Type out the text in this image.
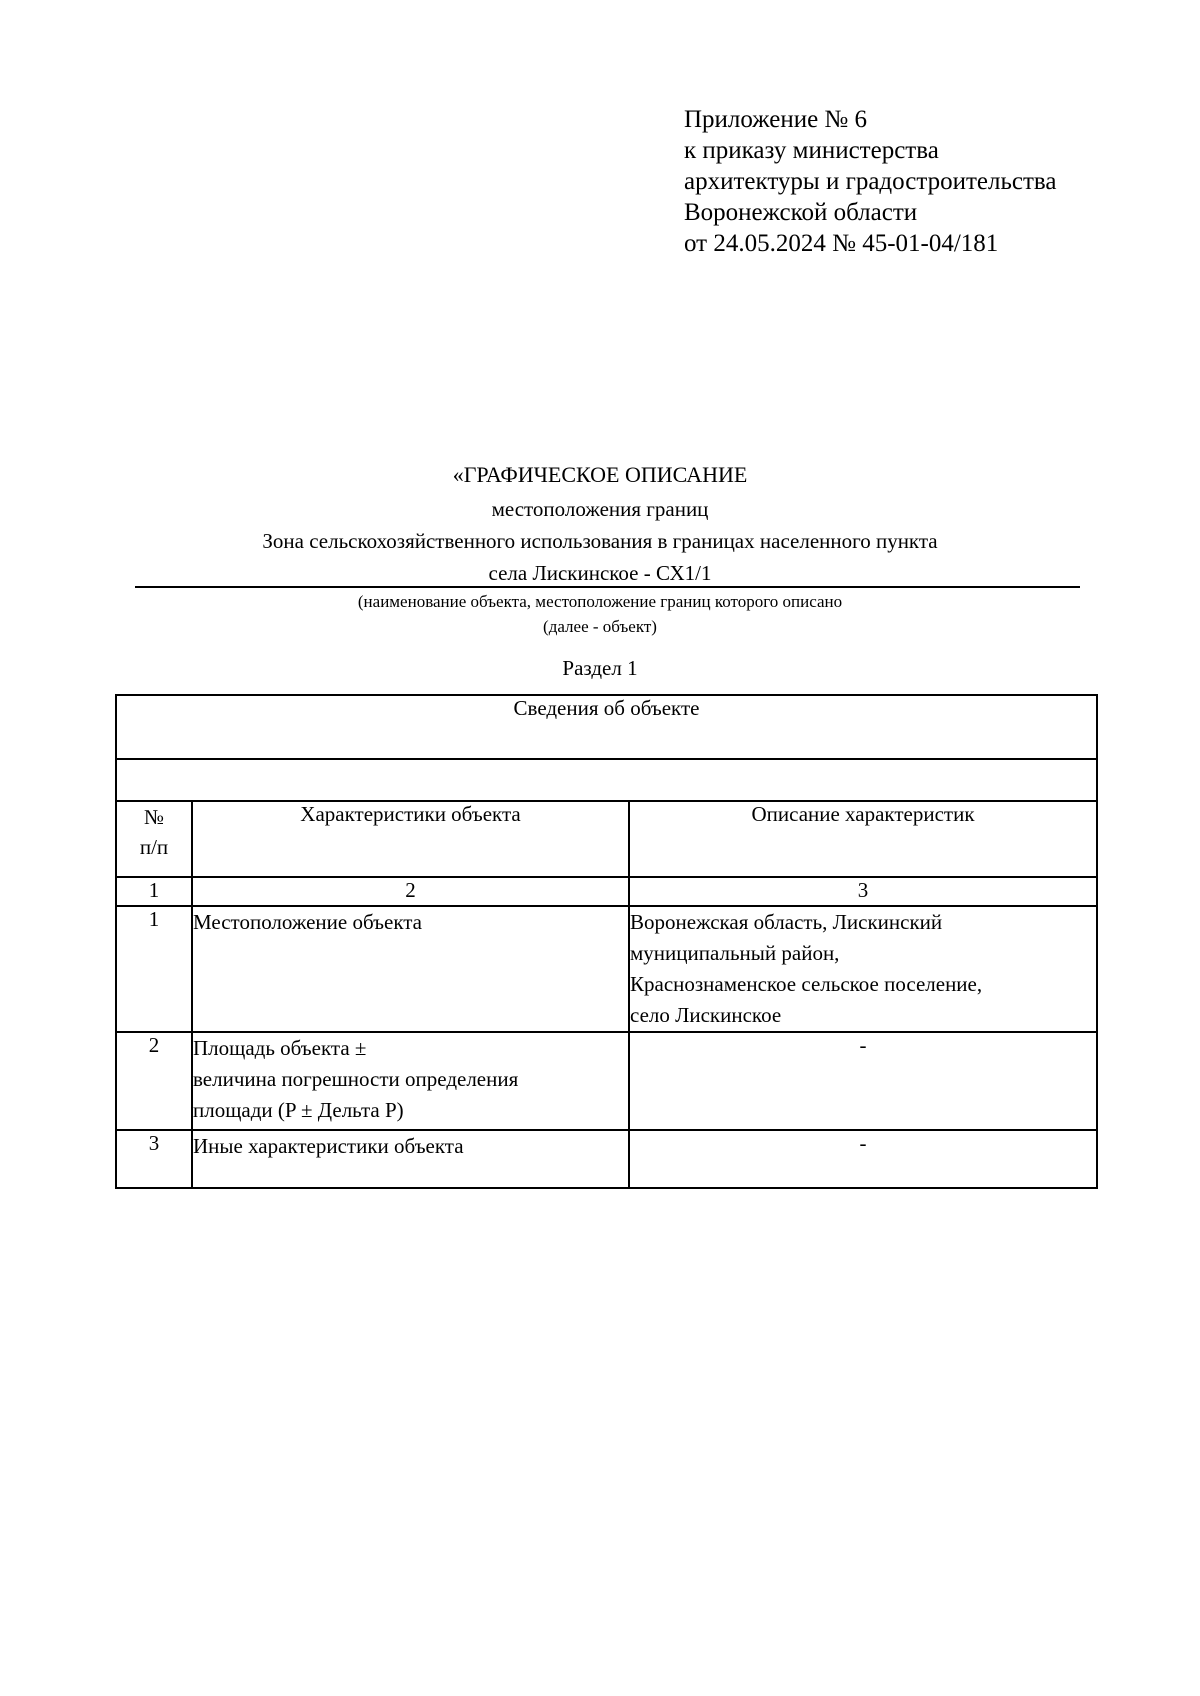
Приложение № 6
к приказу министерства
архитектуры и градостроительства
Воронежской области
от 24.05.2024 № 45-01-04/181
«ГРАФИЧЕСКОЕ ОПИСАНИЕ
местоположения границ
Зона сельскохозяйственного использования в границах населенного пункта
села Лискинское - СХ1/1
(наименование объекта, местоположение границ которого описано
(далее - объект)
Раздел 1
Сведения об объекте		

№
п/п	Характеристики объекта	Описание характеристик
1	2	3
1	Местоположение объекта	Воронежская область, Лискинский
муниципальный район,
Краснознаменское сельское поселение,
село Лискинское

2	Площадь объекта ±
величина погрешности определения
площади (P ± Дельта P)	-
3	Иные характеристики объекта	-
